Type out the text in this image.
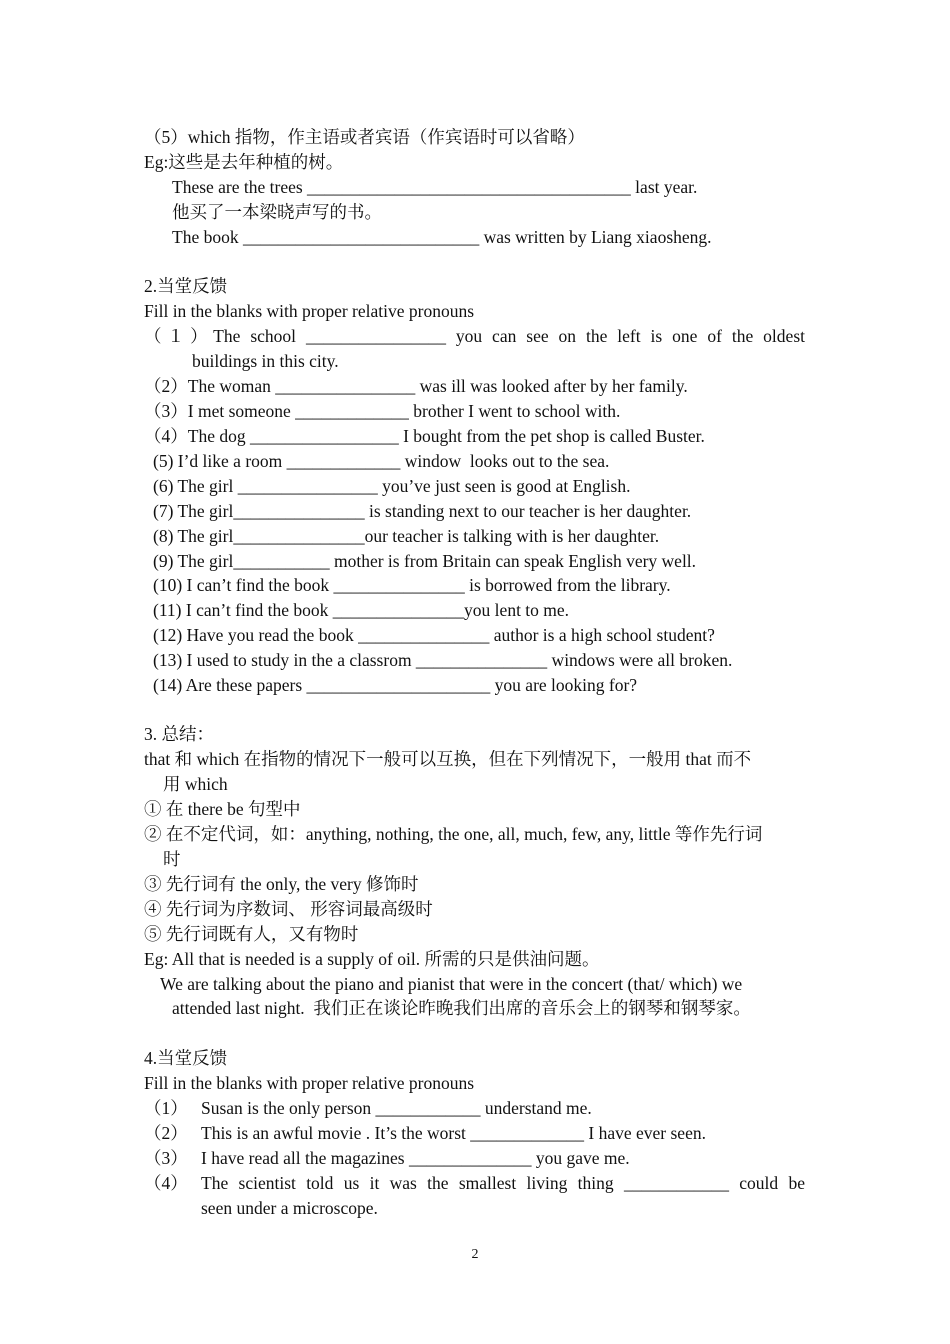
（5）which 指物，作主语或者宾语（作宾语时可以省略）
Eg:这些是去年种植的树。
These are the trees _____________________________________ last year.
他买了一本梁晓声写的书。
The book ___________________________ was written by Liang xiaosheng.
2.当堂反馈
Fill in the blanks with proper relative pronouns
（１）The school ________________ you can see on the left is one of the oldest
buildings in this city.
（2）The woman ________________ was ill was looked after by her family.
（3）I met someone _____________ brother I went to school with.
（4）The dog _________________ I bought from the pet shop is called Buster.
(5) I’d like a room _____________ window  looks out to the sea.
(6) The girl ________________ you’ve just seen is good at English.
(7) The girl_______________ is standing next to our teacher is her daughter.
(8) The girl_______________our teacher is talking with is her daughter.
(9) The girl___________ mother is from Britain can speak English very well.
(10) I can’t find the book _______________ is borrowed from the library.
(11) I can’t find the book _______________you lent to me.
(12) Have you read the book _______________ author is a high school student?
(13) I used to study in the a classrom _______________ windows were all broken.
(14) Are these papers _____________________ you are looking for?
3. 总结：
that 和 which 在指物的情况下一般可以互换，但在下列情况下，一般用 that 而不
用 which
① 在 there be 句型中
② 在不定代词，如：anything, nothing, the one, all, much, few, any, little 等作先行词
时
③ 先行词有 the only, the very 修饰时
④ 先行词为序数词、 形容词最高级时
⑤ 先行词既有人，又有物时
Eg: All that is needed is a supply of oil. 所需的只是供油问题。
We are talking about the piano and pianist that were in the concert (that/ which) we
attended last night.  我们正在谈论昨晚我们出席的音乐会上的钢琴和钢琴家。
4.当堂反馈
Fill in the blanks with proper relative pronouns
（1） Susan is the only person ____________ understand me.
（2） This is an awful movie . It’s the worst _____________ I have ever seen.
（3） I have read all the magazines ______________ you gave me.
（4） The scientist told us it was the smallest living thing ____________ could be
seen under a microscope.
2
